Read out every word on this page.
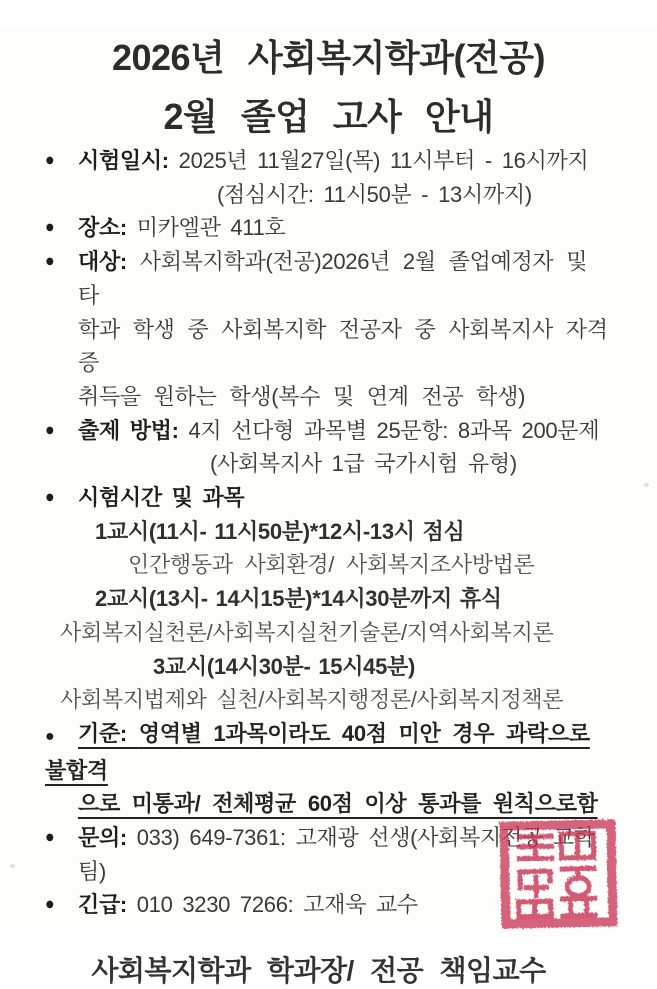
2026년 사회복지학과(전공)
2월 졸업 고사 안내
●	시험일시: 2025년 11월27일(목) 11시부터 - 16시까지
(점심시간: 11시50분 - 13시까지)
●	장소: 미카엘관 411호
●	대상: 사회복지학과(전공)2026년 2월 졸업예정자 및 타
학과 학생 중 사회복지학 전공자 중 사회복지사 자격증
취득을 원하는 학생(복수 및 연계 전공 학생)
●	출제 방법: 4지 선다형 과목별 25문항: 8과목 200문제
(사회복지사 1급 국가시험 유형)
●	시험시간 및 과목
1교시(11시- 11시50분)*12시-13시 점심
인간행동과 사회환경/ 사회복지조사방법론
2교시(13시- 14시15분)*14시30분까지 휴식
사회복지실천론/사회복지실천기술론/지역사회복지론
3교시(14시30분- 15시45분)
사회복지법제와 실천/사회복지행정론/사회복지정책론
● 기준: 영역별 1과목이라도 40점 미안 경우 과락으로 불합격
으로 미통과/ 전체평균 60점 이상 통과를 원칙으로함
●	문의: 033) 649-7361: 고재광 선생(사회복지전공 교학팀)
●	긴급: 010 3230 7266: 고재욱 교수
사회복지학과 학과장/ 전공 책임교수
